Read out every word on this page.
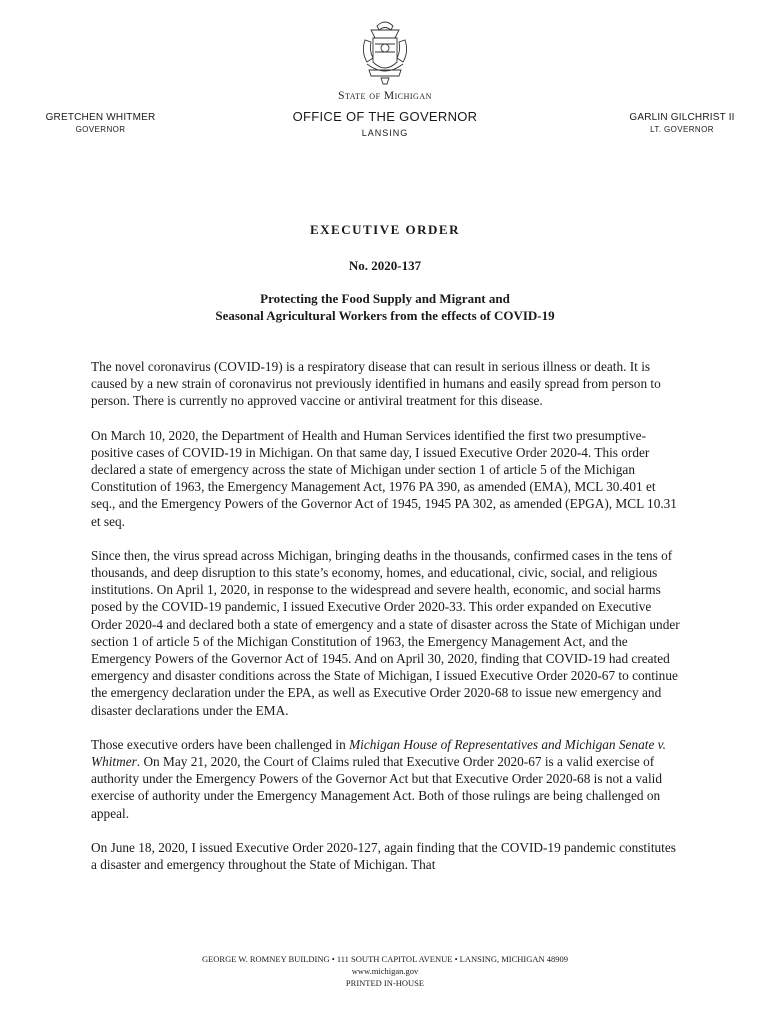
State of Michigan
OFFICE OF THE GOVERNOR
LANSING
GRETCHEN WHITMER
GOVERNOR
GARLIN GILCHRIST II
LT. GOVERNOR
EXECUTIVE ORDER
No. 2020-137
Protecting the Food Supply and Migrant and
Seasonal Agricultural Workers from the effects of COVID-19

The novel coronavirus (COVID-19) is a respiratory disease that can result in serious illness or death. It is caused by a new strain of coronavirus not previously identified in humans and easily spread from person to person. There is currently no approved vaccine or antiviral treatment for this disease.

On March 10, 2020, the Department of Health and Human Services identified the first two presumptive-positive cases of COVID-19 in Michigan. On that same day, I issued Executive Order 2020-4. This order declared a state of emergency across the state of Michigan under section 1 of article 5 of the Michigan Constitution of 1963, the Emergency Management Act, 1976 PA 390, as amended (EMA), MCL 30.401 et seq., and the Emergency Powers of the Governor Act of 1945, 1945 PA 302, as amended (EPGA), MCL 10.31 et seq.

Since then, the virus spread across Michigan, bringing deaths in the thousands, confirmed cases in the tens of thousands, and deep disruption to this state’s economy, homes, and educational, civic, social, and religious institutions. On April 1, 2020, in response to the widespread and severe health, economic, and social harms posed by the COVID-19 pandemic, I issued Executive Order 2020-33. This order expanded on Executive Order 2020-4 and declared both a state of emergency and a state of disaster across the State of Michigan under section 1 of article 5 of the Michigan Constitution of 1963, the Emergency Management Act, and the Emergency Powers of the Governor Act of 1945. And on April 30, 2020, finding that COVID-19 had created emergency and disaster conditions across the State of Michigan, I issued Executive Order 2020-67 to continue the emergency declaration under the EPA, as well as Executive Order 2020-68 to issue new emergency and disaster declarations under the EMA.

Those executive orders have been challenged in Michigan House of Representatives and Michigan Senate v. Whitmer. On May 21, 2020, the Court of Claims ruled that Executive Order 2020-67 is a valid exercise of authority under the Emergency Powers of the Governor Act but that Executive Order 2020-68 is not a valid exercise of authority under the Emergency Management Act. Both of those rulings are being challenged on appeal.

On June 18, 2020, I issued Executive Order 2020-127, again finding that the COVID-19 pandemic constitutes a disaster and emergency throughout the State of Michigan. That

GEORGE W. ROMNEY BUILDING • 111 SOUTH CAPITOL AVENUE • LANSING, MICHIGAN 48909
www.michigan.gov
PRINTED IN-HOUSE
